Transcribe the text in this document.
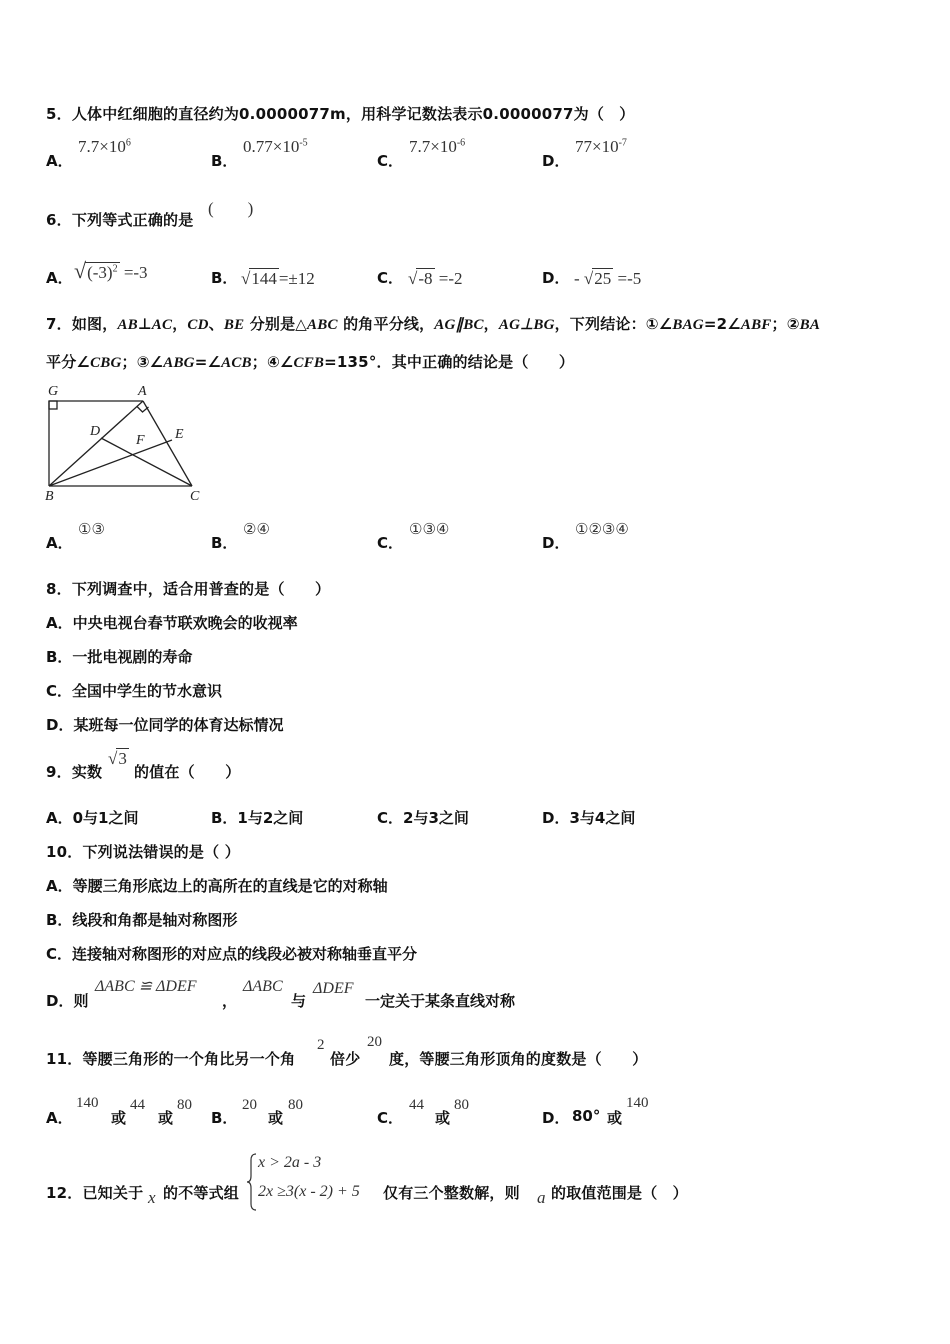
5．人体中红细胞的直径约为0.0000077m，用科学记数法表示0.0000077为（　）
A．
$7.7\times 10^6$
B．
$0.77\times 10^{-5}$
C．
$7.7\times 10^{-6}$
D．
$77\times 10^{-7}$
6．下列等式正确的是
(　　)
A． $√(-3)^2 =-3$	B． √144 =±12	C． √-8 =-2	D． - √25 =-5
7．如图，AB⊥AC，CD、BE 分别是△ABC 的角平分线，AG∥BC，AG⊥BG，下列结论：①∠BAG=2∠ABF；②BA
平分∠CBG；③∠ABG=∠ACB；④∠CFB=135°．其中正确的结论是（　　）
G	A
D
F E
B	C
A．
①③
B．
②④
C．
①③④
D．
①②③④
8．下列调查中，适合用普查的是（　　）
A．中央电视台春节联欢晚会的收视率
B．一批电视剧的寿命
C．全国中学生的节水意识
D．某班每一位同学的体育达标情况
9．实数
√3
的值在（　　）
A．0与1之间	B．1与2之间	C．2与3之间	D．3与4之间
10．下列说法错误的是（ ）
A．等腰三角形底边上的高所在的直线是它的对称轴
B．线段和角都是轴对称图形
C．连接轴对称图形的对应点的线段必被对称轴垂直平分
D．则
ΔABC ≌ ΔDEF
，
ΔABC
与
ΔDEF
一定关于某条直线对称
11．等腰三角形的一个角比另一个角
2
倍少
20
度，等腰三角形顶角的度数是（　　）
A．
140
或
44
或
80
B．
20
或
80
C．
44
或
80
D． 80° 或
140
12．已知关于 x 的不等式组
x > 2a - 3
2x ≥3(x - 2) + 5 仅有三个整数解，则 a 的取值范围是（　）
